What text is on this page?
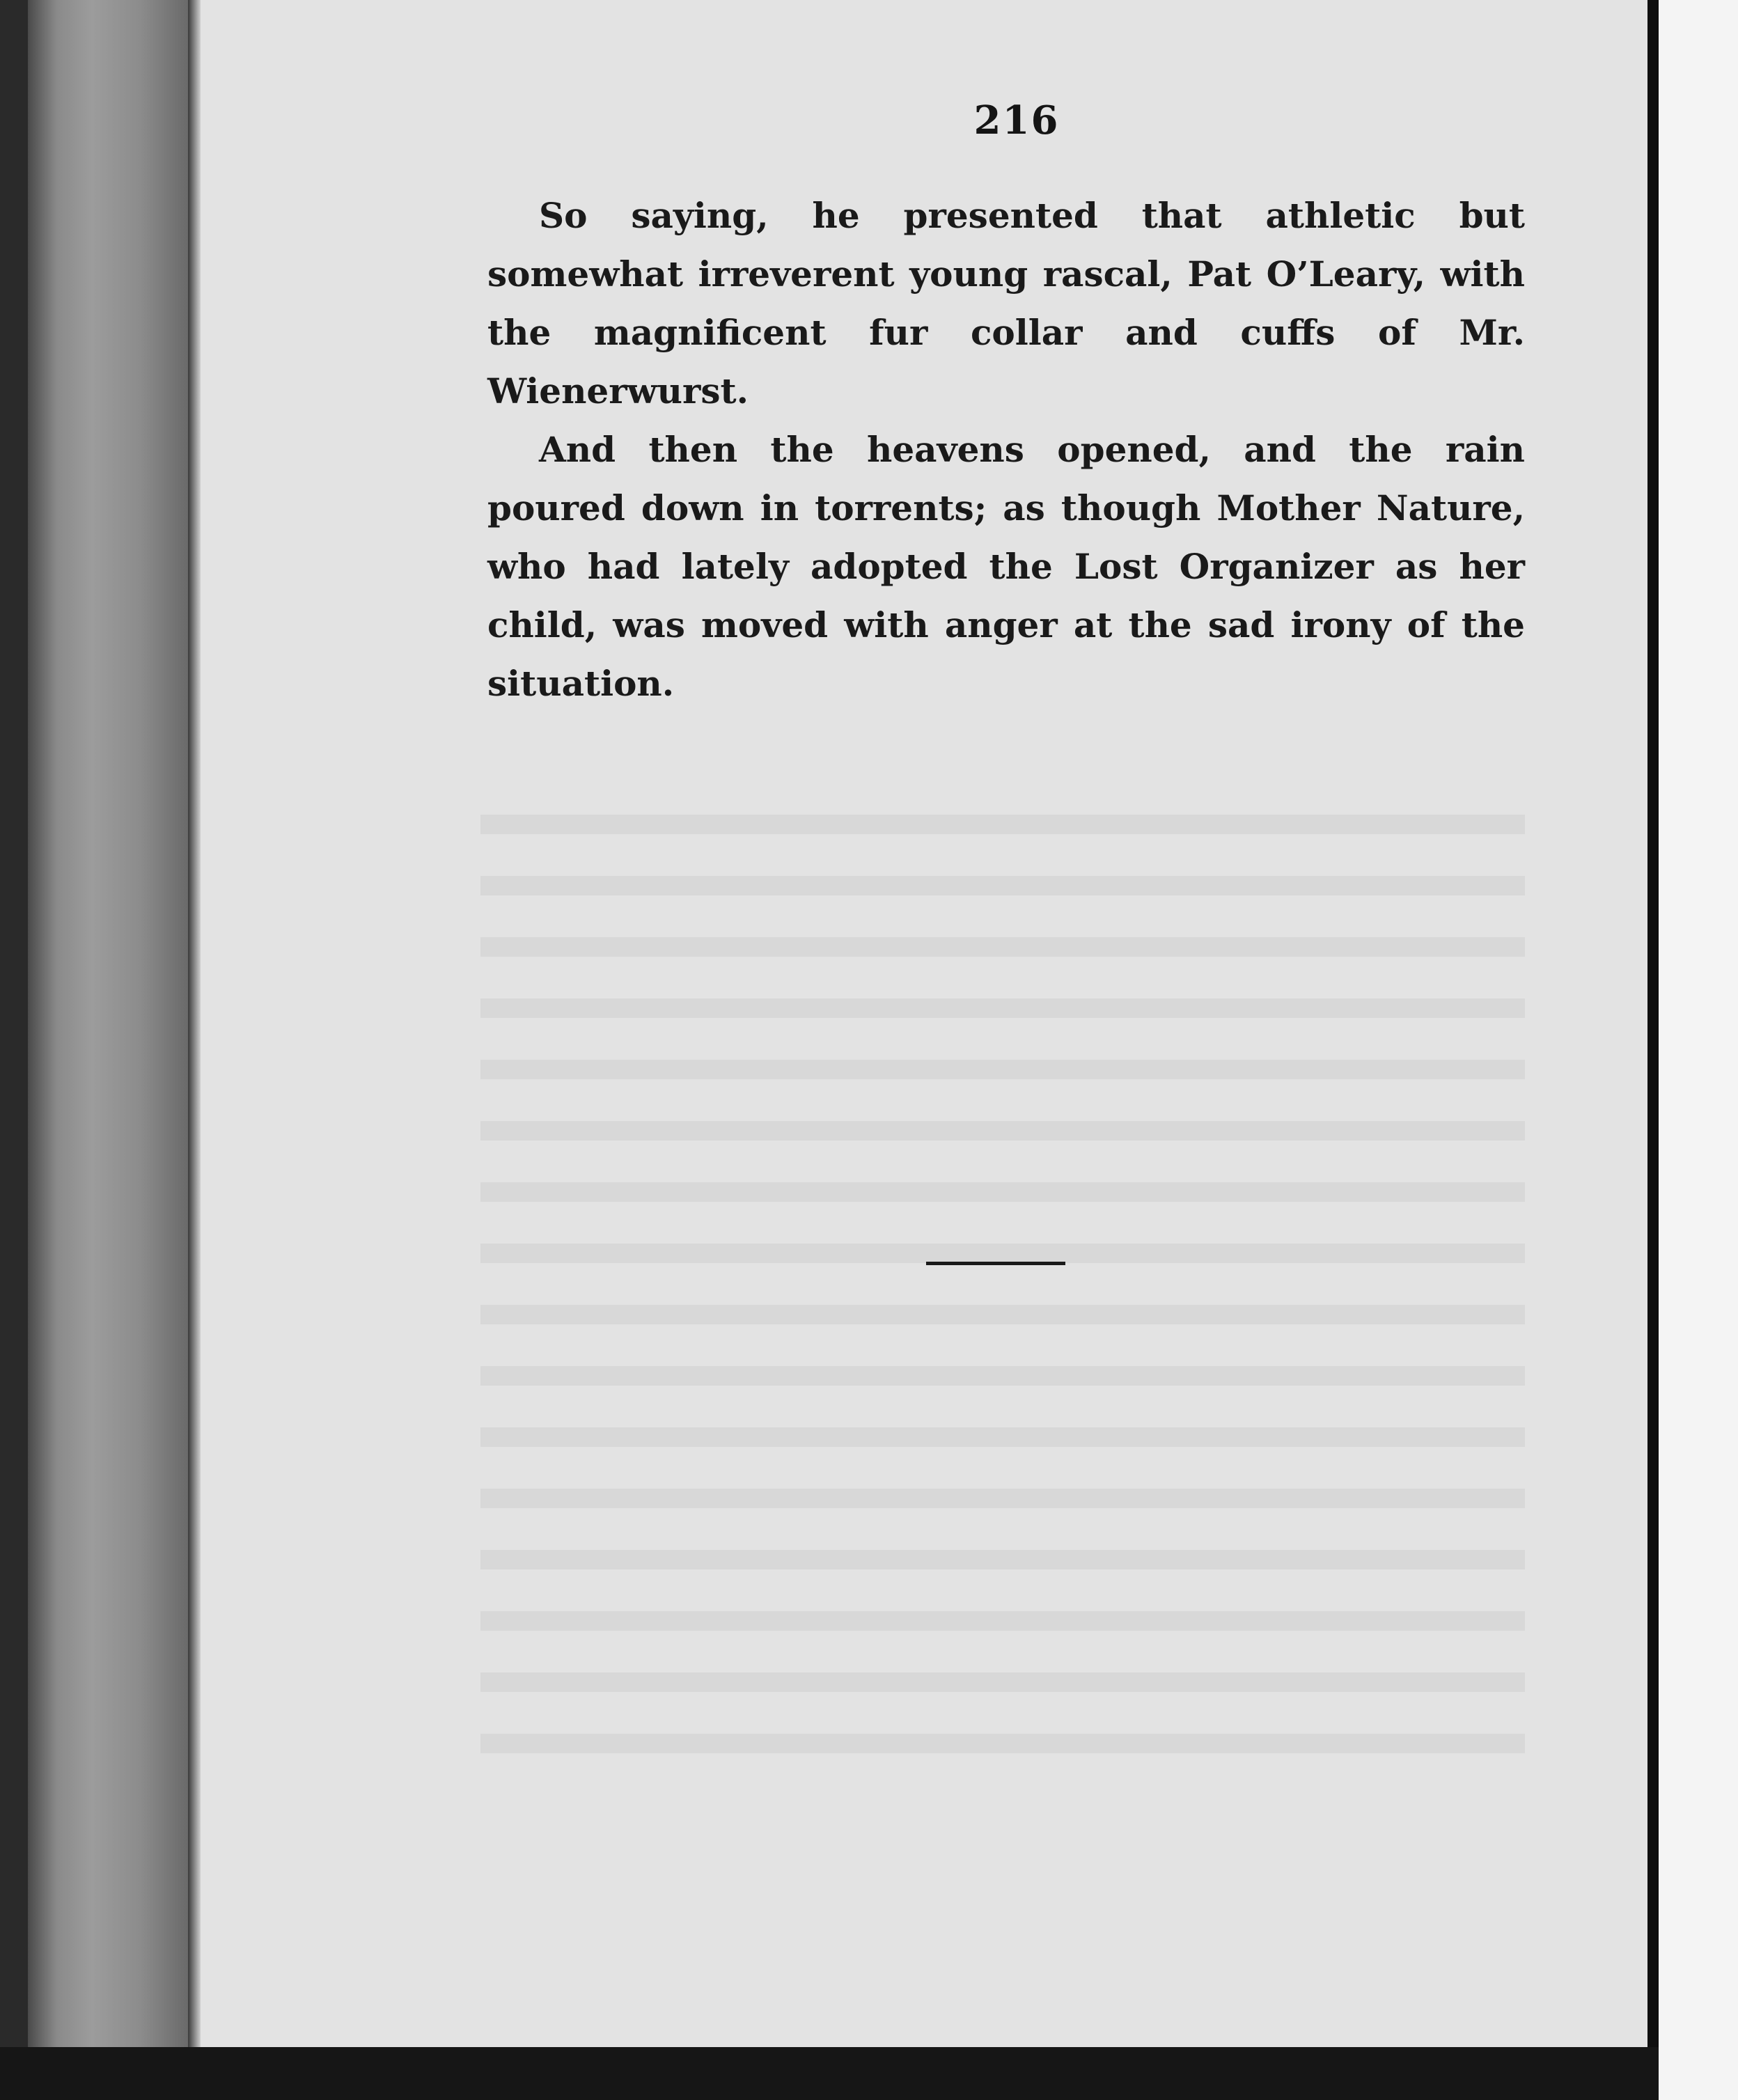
216

So saying, he presented that athletic but somewhat irreverent young rascal, Pat O’Leary, with the magnificent fur collar and cuffs of Mr. Wienerwurst.

And then the heavens opened, and the rain poured down in torrents; as though Mother Nature, who had lately adopted the Lost Organizer as her child, was moved with anger at the sad irony of the situation.
